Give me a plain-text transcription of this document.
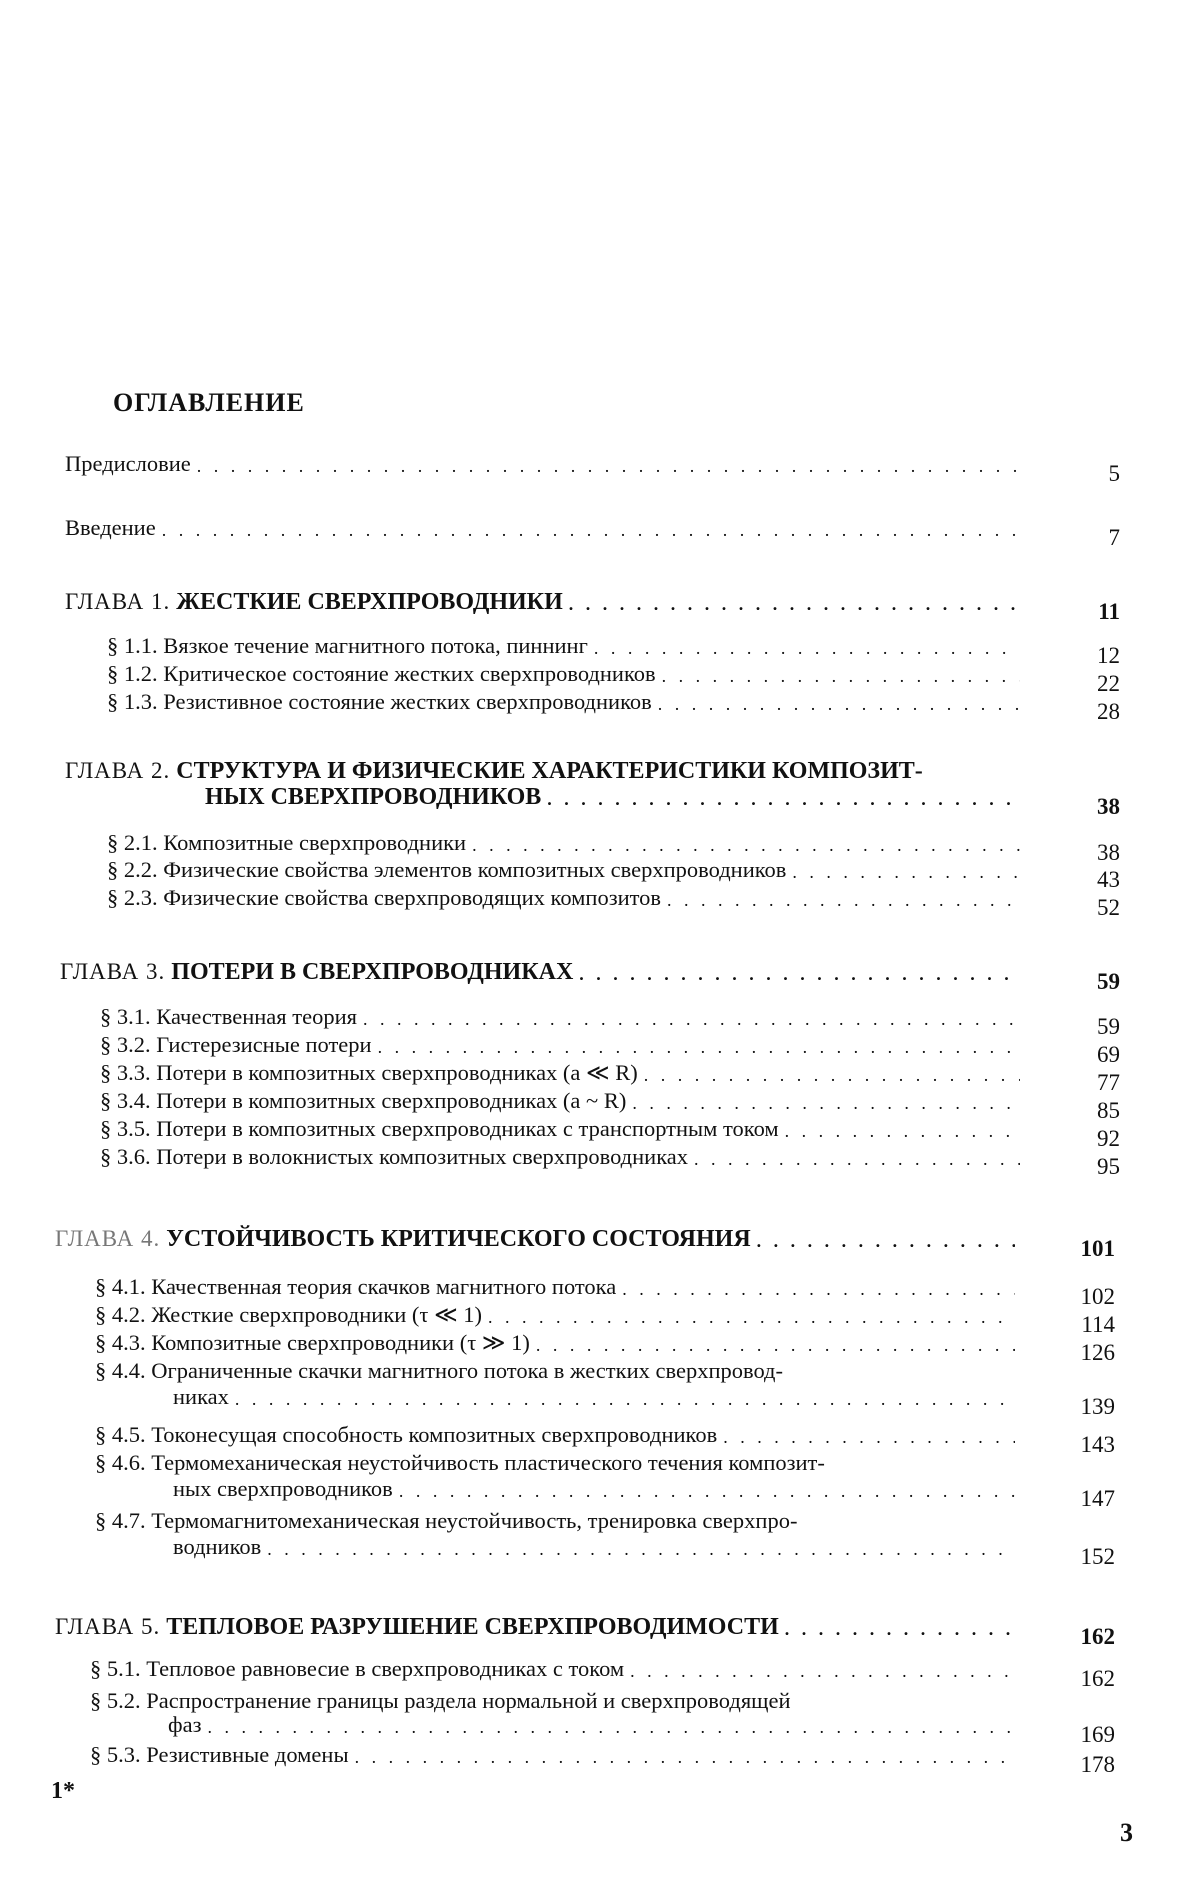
ОГЛАВЛЕНИЕ
Предисловие
. . .	5
Введение
. . .	7
ГЛАВА 1. ЖЕСТКИЕ СВЕРХПРОВОДНИКИ
. . .	11
§ 1.1. Вязкое течение магнитного потока, пиннинг
. . .	12
§ 1.2. Критическое состояние жестких сверхпроводников
. . .	22
§ 1.3. Резистивное состояние жестких сверхпроводников
. . .	28
ГЛАВА 2. СТРУКТУРА И ФИЗИЧЕСКИЕ ХАРАКТЕРИСТИКИ КОМПОЗИТ-
НЫХ СВЕРХПРОВОДНИКОВ
. . .	38
§ 2.1. Композитные сверхпроводники
. . .	38
§ 2.2. Физические свойства элементов композитных сверхпроводников
. . .	43
§ 2.3. Физические свойства сверхпроводящих композитов
. . .	52
ГЛАВА 3. ПОТЕРИ В СВЕРХПРОВОДНИКАХ
. . .	59
§ 3.1. Качественная теория
. . .	59
§ 3.2. Гистерезисные потери
. . .	69
§ 3.3. Потери в композитных сверхпроводниках (a ≪ R)
. . .	77
§ 3.4. Потери в композитных сверхпроводниках (a ~ R)
. . .	85
§ 3.5. Потери в композитных сверхпроводниках с транспортным током
. . .	92
§ 3.6. Потери в волокнистых композитных сверхпроводниках
. . .	95
ГЛАВА 4. УСТОЙЧИВОСТЬ КРИТИЧЕСКОГО СОСТОЯНИЯ
. . .	101
§ 4.1. Качественная теория скачков магнитного потока
. . .	102
§ 4.2. Жесткие сверхпроводники (τ ≪ 1)
. . .	114
§ 4.3. Композитные сверхпроводники (τ ≫ 1)
. . .	126
§ 4.4. Ограниченные скачки магнитного потока в жестких сверхпровод-
никах
. . .	139
§ 4.5. Токонесущая способность композитных сверхпроводников
. . .	143
§ 4.6. Термомеханическая неустойчивость пластического течения композит-
ных сверхпроводников
. . .	147
§ 4.7. Термомагнитомеханическая неустойчивость, тренировка сверхпро-
водников
. . .	152
ГЛАВА 5. ТЕПЛОВОЕ РАЗРУШЕНИЕ СВЕРХПРОВОДИМОСТИ
. . .	162
§ 5.1. Тепловое равновесие в сверхпроводниках с током
. . .	162
§ 5.2. Распространение границы раздела нормальной и сверхпроводящей
фаз
. . .	169
§ 5.3. Резистивные домены
. . .	178
1*
3
